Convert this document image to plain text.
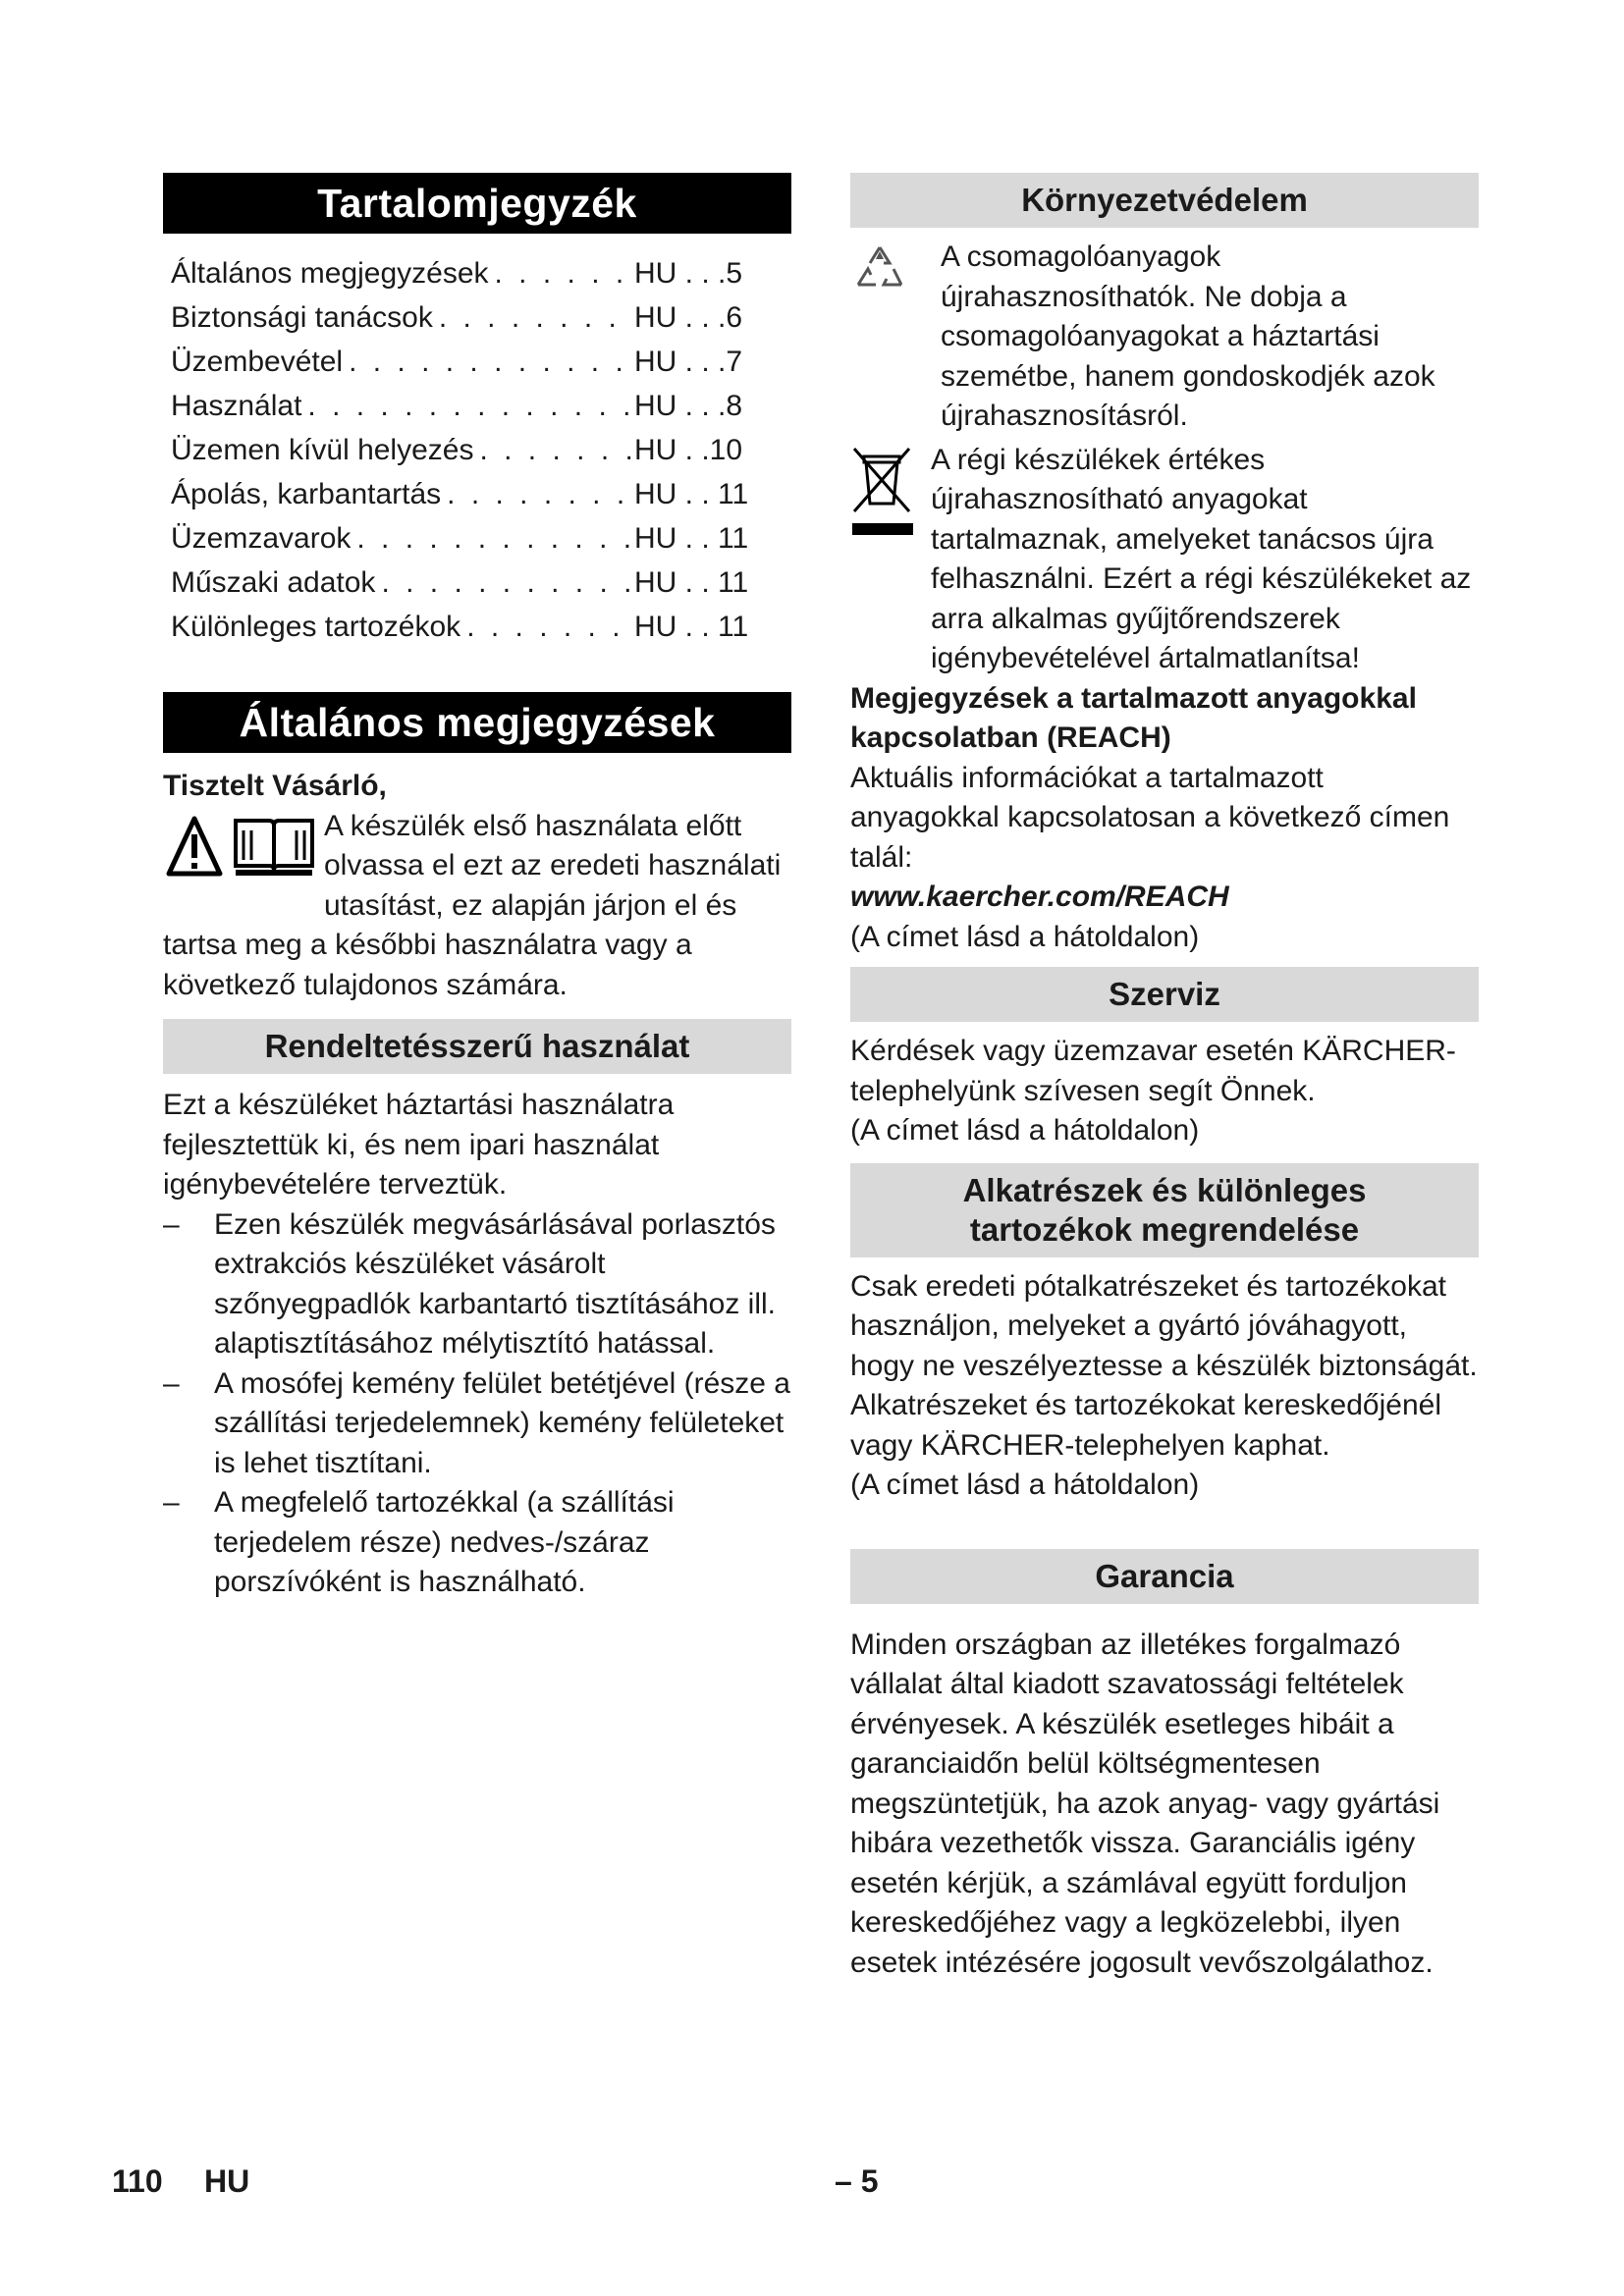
Tartalomjegyzék
Általános megjegyzések . . .	HU . . .5
Biztonsági tanácsok . . .	HU . . .6
Üzembevétel . . .	HU . . .7
Használat . . .	HU . . .8
Üzemen kívül helyezés . . .	HU . .10
Ápolás, karbantartás . . .	HU . . 11
Üzemzavarok . . .	HU . . 11
Műszaki adatok . . .	HU . . 11
Különleges tartozékok . . .	HU . . 11
Általános megjegyzések
Tisztelt Vásárló,
A készülék első használata előtt olvassa el ezt az eredeti használati utasítást, ez alapján járjon el és tartsa meg a későbbi használatra vagy a következő tulajdonos számára.
Rendeltetésszerű használat
Ezt a készüléket háztartási használatra fejlesztettük ki, és nem ipari használat igénybevételére terveztük.
–	Ezen készülék megvásárlásával porlasztós extrakciós készüléket vásárolt szőnyegpadlók karbantartó tisztításához ill. alaptisztításához mélytisztító hatással.
–	A mosófej kemény felület betétjével (része a szállítási terjedelemnek) kemény felületeket is lehet tisztítani.
–	A megfelelő tartozékkal (a szállítási terjedelem része) nedves-/száraz porszívóként is használható.
Környezetvédelem
A csomagolóanyagok újrahasznosíthatók. Ne dobja a csomagolóanyagokat a háztartási szemétbe, hanem gondoskodjék azok újrahasznosításról.
A régi készülékek értékes újrahasznosítható anyagokat tartalmaznak, amelyeket tanácsos újra felhasználni. Ezért a régi készülékeket az arra alkalmas gyűjtőrendszerek igénybevételével ártalmatlanítsa!
Megjegyzések a tartalmazott anyagokkal kapcsolatban (REACH)
Aktuális információkat a tartalmazott anyagokkal kapcsolatosan a következő címen talál:
www.kaercher.com/REACH
(A címet lásd a hátoldalon)
Szerviz
Kérdések vagy üzemzavar esetén KÄRCHER-telephelyünk szívesen segít Önnek.
(A címet lásd a hátoldalon)
Alkatrészek és különleges
tartozékok megrendelése
Csak eredeti pótalkatrészeket és tartozékokat használjon, melyeket a gyártó jóváhagyott, hogy ne veszélyeztesse a készülék biztonságát.
Alkatrészeket és tartozékokat kereskedőjénél vagy KÄRCHER-telephelyen kaphat.
(A címet lásd a hátoldalon)
Garancia
Minden országban az illetékes forgalmazó vállalat által kiadott szavatossági feltételek érvényesek. A készülék esetleges hibáit a garanciaidőn belül költségmentesen megszüntetjük, ha azok anyag- vagy gyártási hibára vezethetők vissza. Garanciális igény esetén kérjük, a számlával együtt forduljon kereskedőjéhez vagy a legközelebbi, ilyen esetek intézésére jogosult vevőszolgálathoz.
110 HU	– 5
